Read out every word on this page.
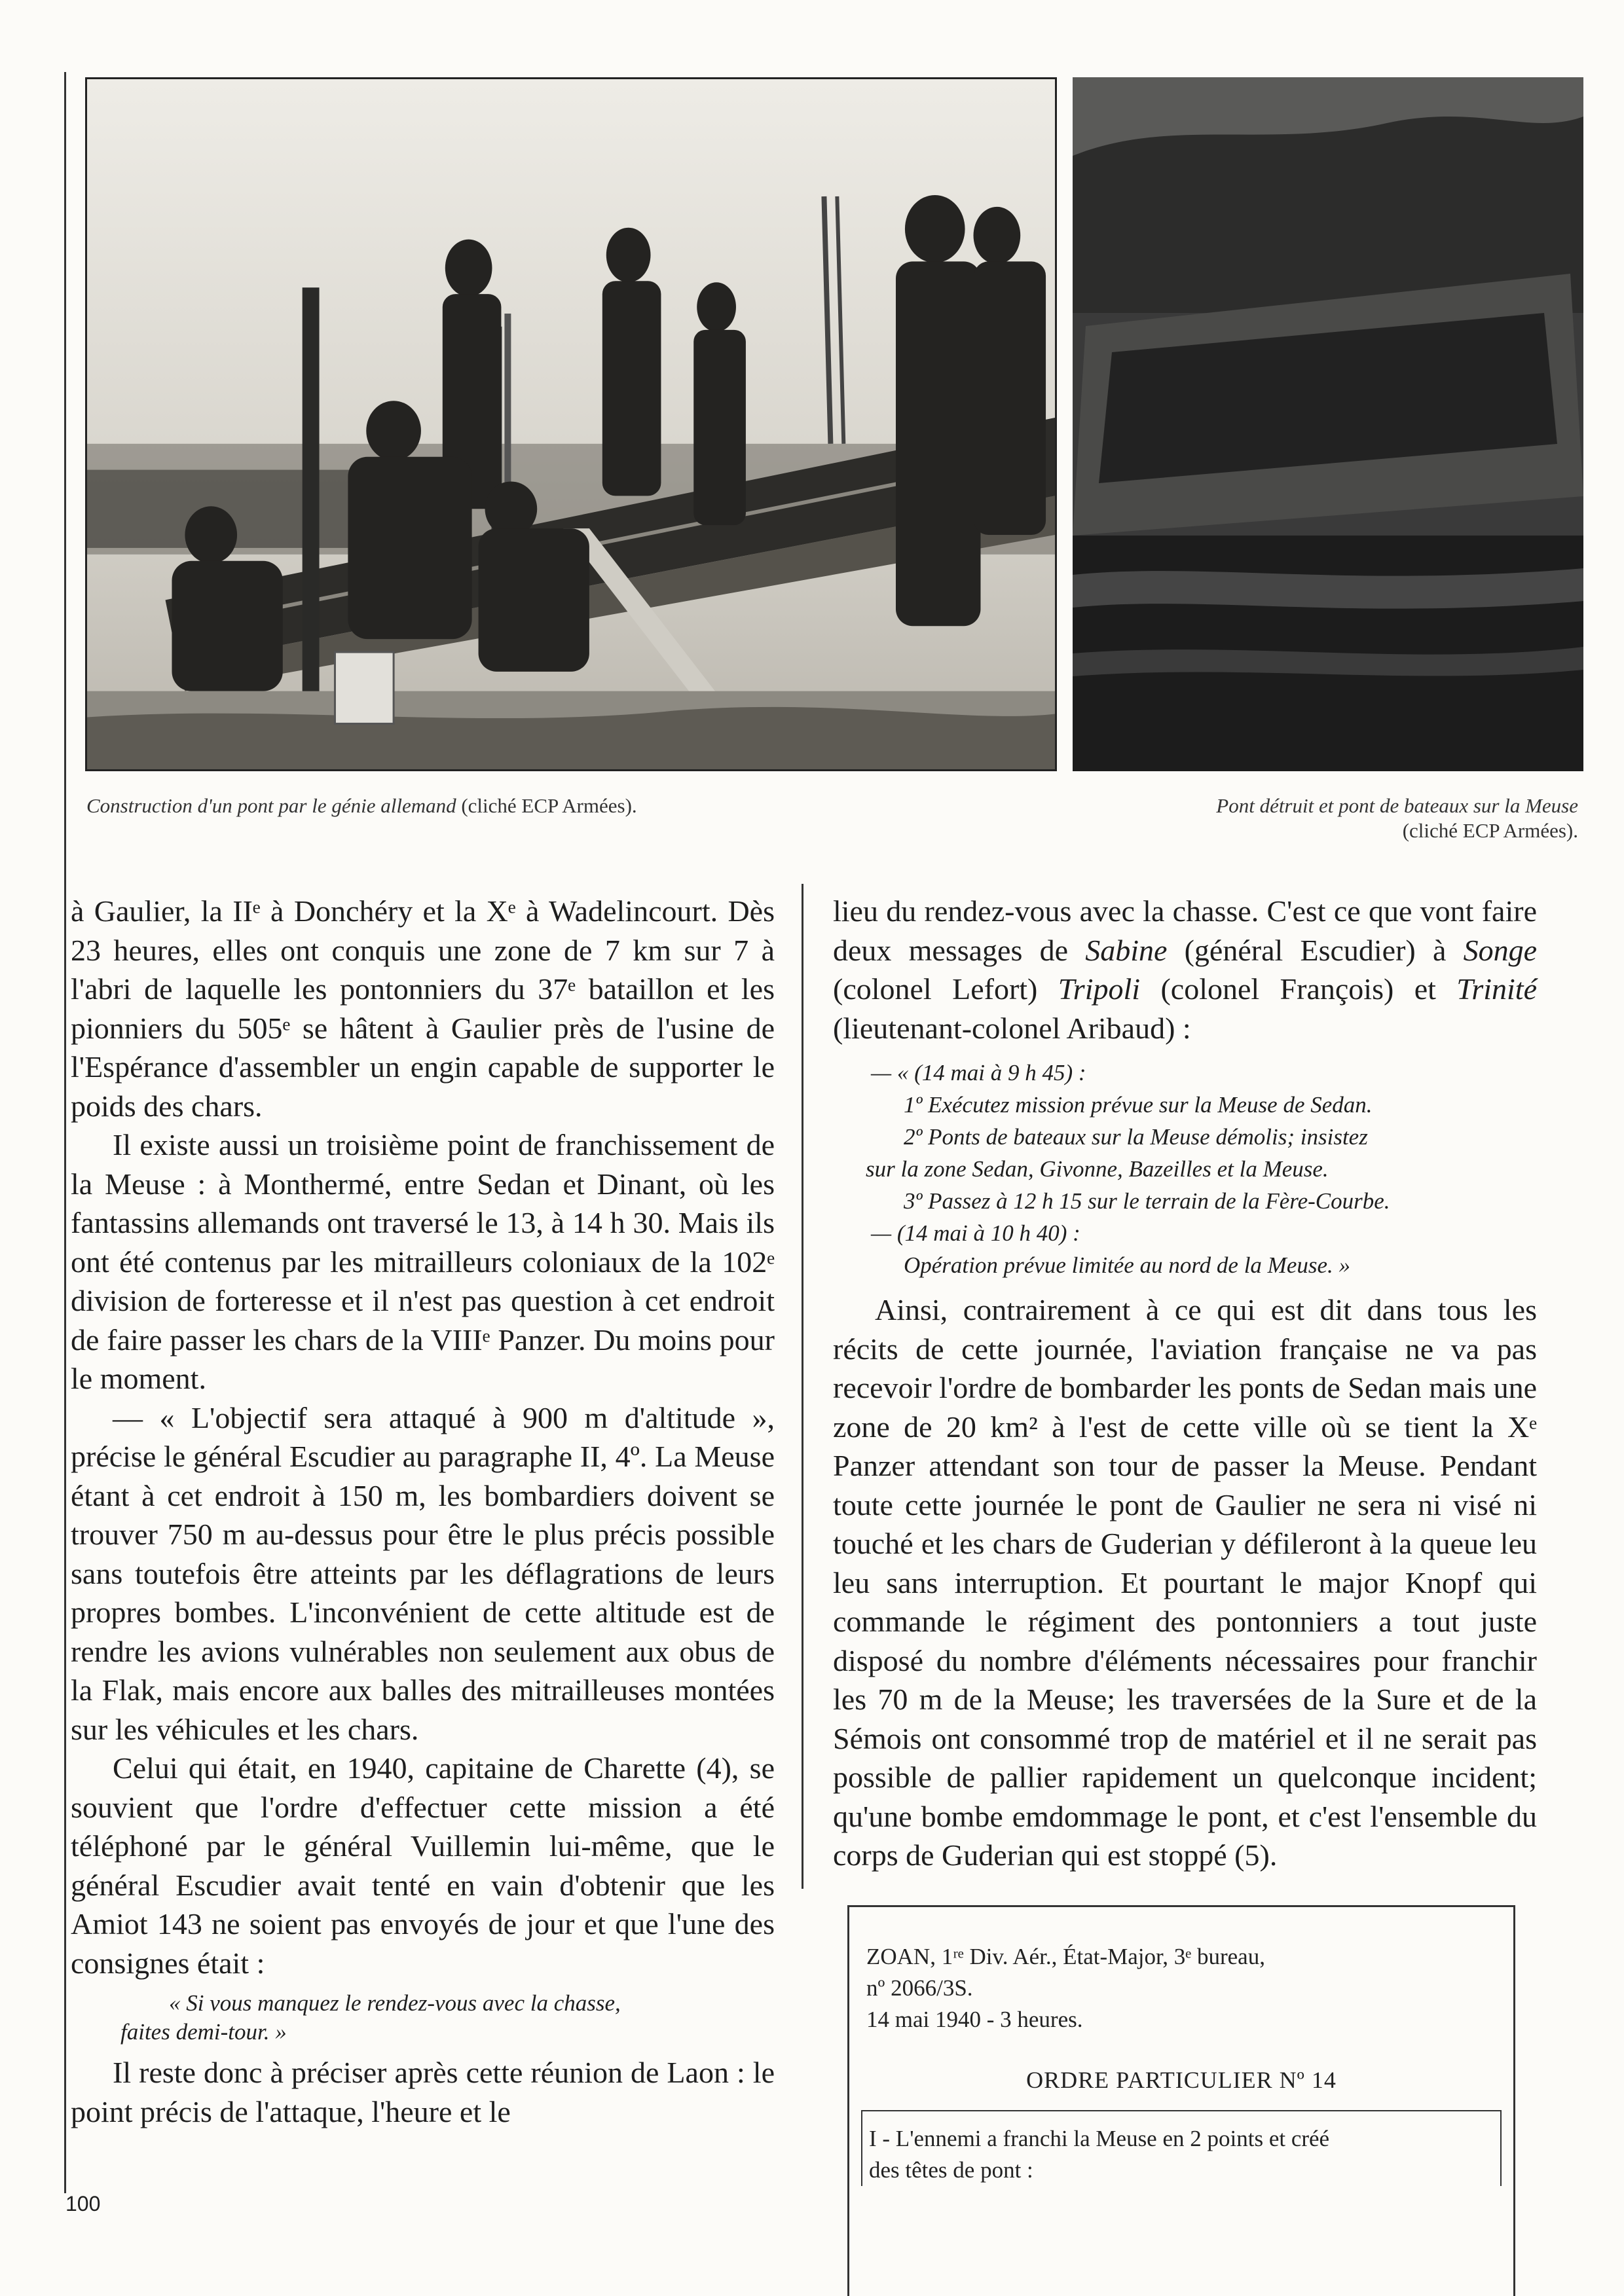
Construction d'un pont par le génie allemand (cliché ECP Armées).	Pont détruit et pont de bateaux sur la Meuse
(cliché ECP Armées).

à Gaulier, la IIᵉ à Donchéry et la Xᵉ à Wadelincourt. Dès 23 heures, elles ont conquis une zone de 7 km sur 7 à l'abri de laquelle les pontonniers du 37ᵉ bataillon et les pionniers du 505ᵉ se hâtent à Gaulier près de l'usine de l'Espérance d'assembler un engin capable de supporter le poids des chars.

Il existe aussi un troisième point de franchissement de la Meuse : à Monthermé, entre Sedan et Dinant, où les fantassins allemands ont traversé le 13, à 14 h 30. Mais ils ont été contenus par les mitrailleurs coloniaux de la 102ᵉ division de forteresse et il n'est pas question à cet endroit de faire passer les chars de la VIIIᵉ Panzer. Du moins pour le moment.

— « L'objectif sera attaqué à 900 m d'altitude », précise le général Escudier au paragraphe II, 4º. La Meuse étant à cet endroit à 150 m, les bombardiers doivent se trouver 750 m au-dessus pour être le plus précis possible sans toutefois être atteints par les déflagrations de leurs propres bombes. L'inconvénient de cette altitude est de rendre les avions vulnérables non seulement aux obus de la Flak, mais encore aux balles des mitrailleuses montées sur les véhicules et les chars.

Celui qui était, en 1940, capitaine de Charette (4), se souvient que l'ordre d'effectuer cette mission a été téléphoné par le général Vuillemin lui-même, que le général Escudier avait tenté en vain d'obtenir que les Amiot 143 ne soient pas envoyés de jour et que l'une des consignes était :

« Si vous manquez le rendez-vous avec la chasse,

faites demi-tour. »

Il reste donc à préciser après cette réunion de Laon : le point précis de l'attaque, l'heure et le

lieu du rendez-vous avec la chasse. C'est ce que vont faire deux messages de Sabine (général Escudier) à Songe (colonel Lefort) Tripoli (colonel François) et Trinité (lieutenant-colonel Aribaud) :

— « (14 mai à 9 h 45) :

1º Exécutez mission prévue sur la Meuse de Sedan.

2º Ponts de bateaux sur la Meuse démolis; insistez

sur la zone Sedan, Givonne, Bazeilles et la Meuse.

3º Passez à 12 h 15 sur le terrain de la Fère-Courbe.

— (14 mai à 10 h 40) :

Opération prévue limitée au nord de la Meuse. »

Ainsi, contrairement à ce qui est dit dans tous les récits de cette journée, l'aviation française ne va pas recevoir l'ordre de bombarder les ponts de Sedan mais une zone de 20 km² à l'est de cette ville où se tient la Xᵉ Panzer attendant son tour de passer la Meuse. Pendant toute cette journée le pont de Gaulier ne sera ni visé ni touché et les chars de Guderian y défileront à la queue leu leu sans interruption. Et pourtant le major Knopf qui commande le régiment des pontonniers a tout juste disposé du nombre d'éléments nécessaires pour franchir les 70 m de la Meuse; les traversées de la Sure et de la Sémois ont consommé trop de matériel et il ne serait pas possible de pallier rapidement un quelconque incident; qu'une bombe emdommage le pont, et c'est l'ensemble du corps de Guderian qui est stoppé (5).

ZOAN, 1ʳᵉ Div. Aér., État-Major, 3ᵉ bureau,

nº 2066/3S.

14 mai 1940 - 3 heures.

ORDRE PARTICULIER Nº 14

I - L'ennemi a franchi la Meuse en 2 points et créé

des têtes de pont :

100
